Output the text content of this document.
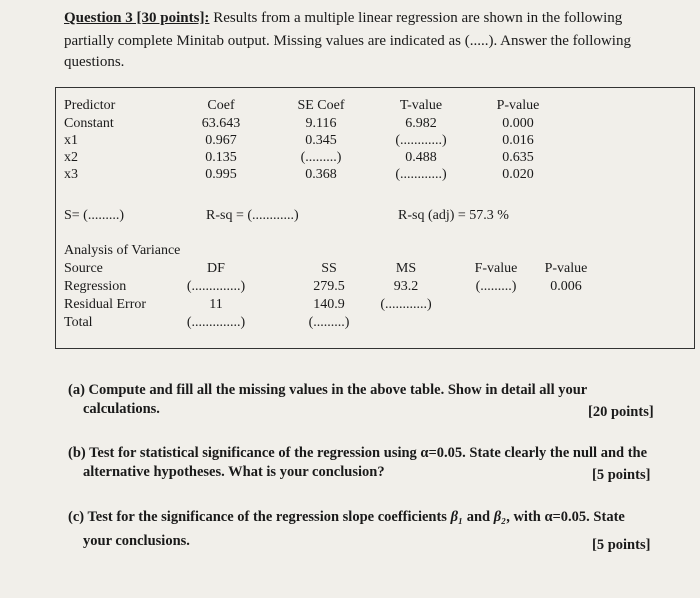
Question 3 [30 points]: Results from a multiple linear regression are shown in the following
partially complete Minitab output. Missing values are indicated as (.....). Answer the following
questions.
Predictor	Coef	SE Coef	T-value	P-value
Constant	63.643	9.116	6.982	0.000
x1	0.967	0.345	(............)	0.016
x2	0.135	(.........)	0.488	0.635
x3	0.995	0.368	(............)	0.020
S= (.........)	R-sq = (............)	R-sq (adj) = 57.3 %
Analysis of Variance
Source	DF	SS	MS	F-value	P-value
Regression	(..............)	279.5	93.2	(.........)	0.006
Residual Error	11	140.9	(............)
Total	(..............)	(.........)
(a) Compute and fill all the missing values in the above table. Show in detail all your
calculations.	[20 points]
(b) Test for statistical significance of the regression using α=0.05. State clearly the null and the
alternative hypotheses. What is your conclusion?	[5 points]
(c) Test for the significance of the regression slope coefficients β₁ and β₂, with α=0.05. State
your conclusions.	[5 points]
